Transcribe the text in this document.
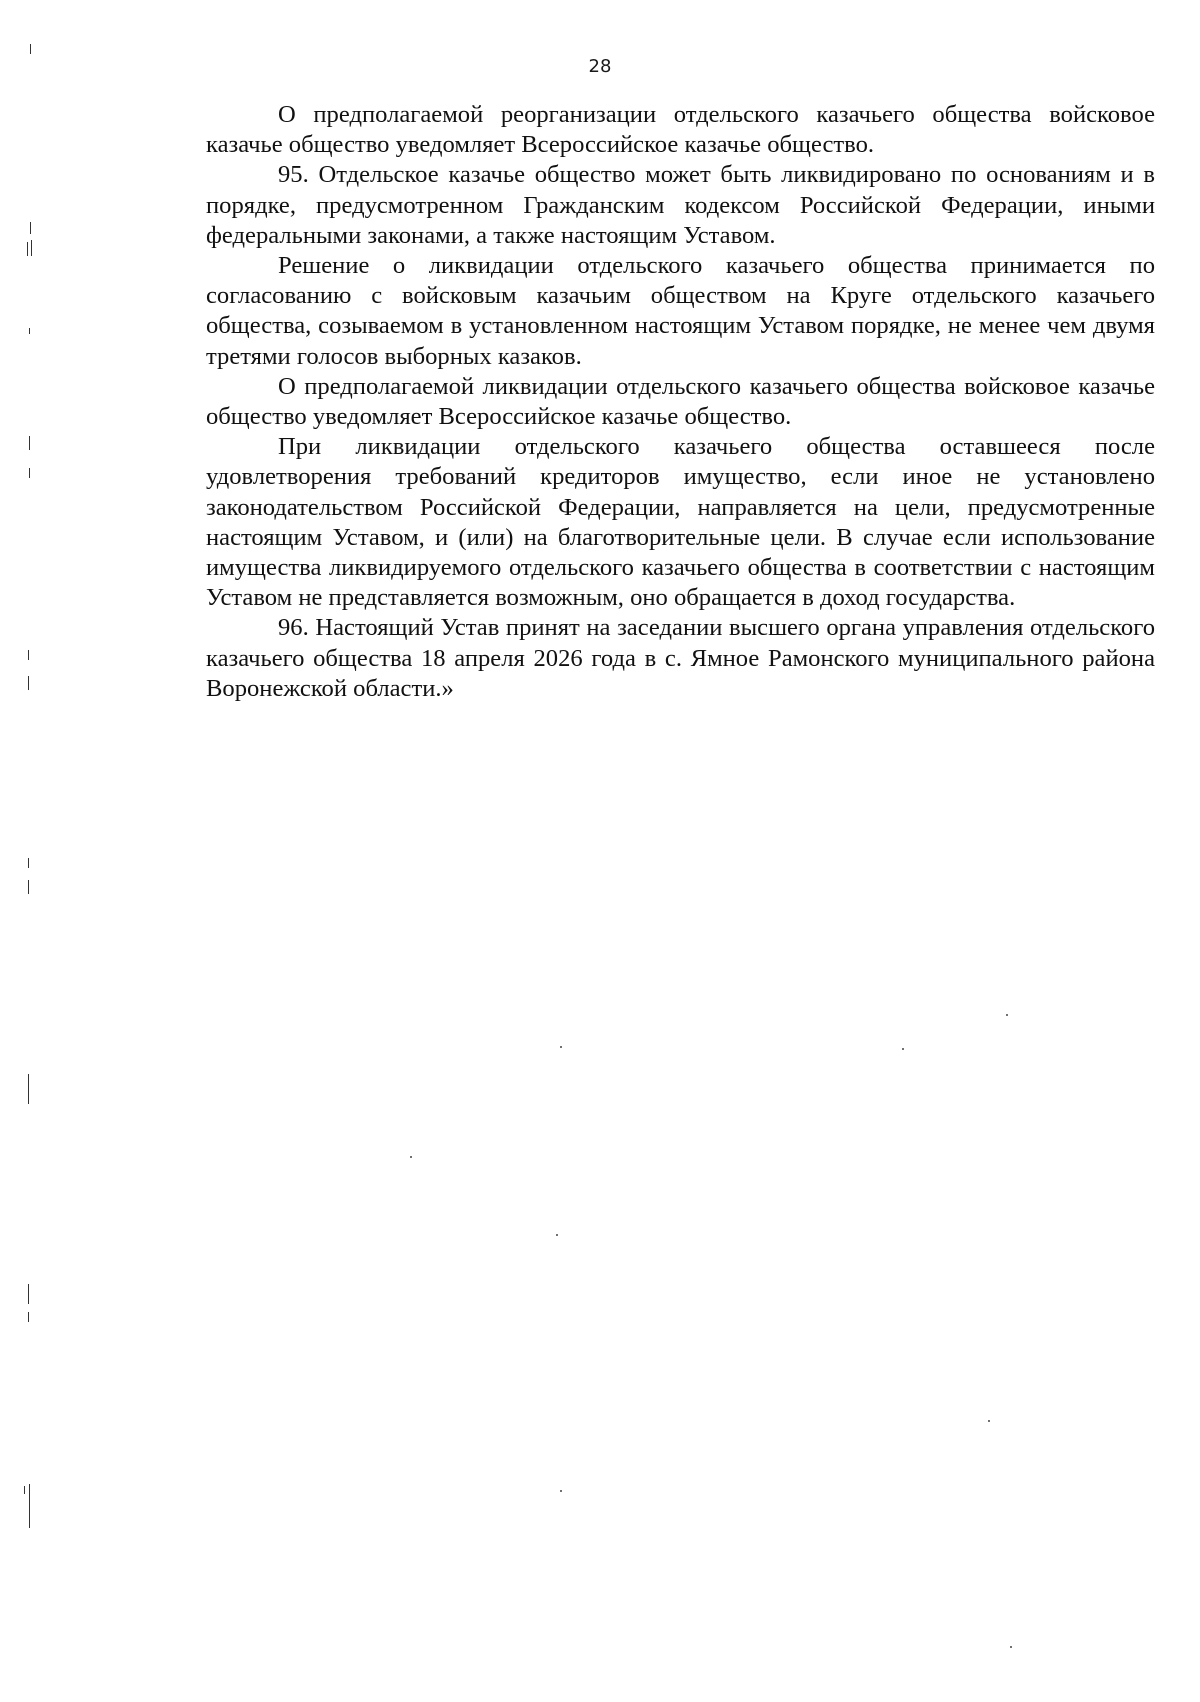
28

О предполагаемой реорганизации отдельского казачьего общества войсковое казачье общество уведомляет Всероссийское казачье общество.

95. Отдельское казачье общество может быть ликвидировано по основаниям и в порядке, предусмотренном Гражданским кодексом Российской Федерации, иными федеральными законами, а также настоящим Уставом.

Решение о ликвидации отдельского казачьего общества принимается по согласованию с войсковым казачьим обществом на Круге отдельского казачьего общества, созываемом в установленном настоящим Уставом порядке, не менее чем двумя третями голосов выборных казаков.

О предполагаемой ликвидации отдельского казачьего общества войсковое казачье общество уведомляет Всероссийское казачье общество.

При ликвидации отдельского казачьего общества оставшееся после удовлетворения требований кредиторов имущество, если иное не установлено законодательством Российской Федерации, направляется на цели, предусмотренные настоящим Уставом, и (или) на благотворительные цели. В случае если использование имущества ликвидируемого отдельского казачьего общества в соответствии с настоящим Уставом не представляется возможным, оно обращается в доход государства.

96. Настоящий Устав принят на заседании высшего органа управления отдельского казачьего общества 18 апреля 2026 года в с. Ямное Рамонского муниципального района Воронежской области.»
